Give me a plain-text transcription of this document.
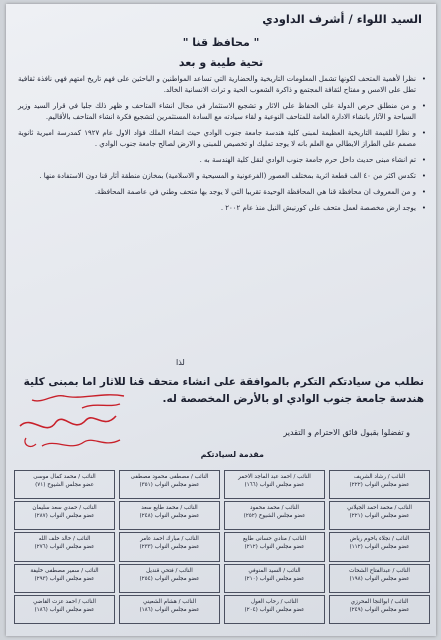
السيد اللواء / أشرف الداودي
" محافظ قنا "
تحية طيبة و بعد

• نظرا لأهمية المتحف لكونها تشمل المعلومات التاريخية والحضارية التي تساعد المواطنين و الباحثين على فهم تاريخ امتهم فهي نافذة ثقافية تطل على الامس و مفتاح لثقافة المجتمع و ذاكرة الشعوب الحية و تراث الانسانية الخالد.

• و من منطلق حرص الدولة على الحفاظ على الاثار و تشجيع الاستثمار في مجال انشاء المتاحف و ظهر ذلك جليا في قرار السيد وزير السياحة و الآثار بانشاء الادارة العامة للمتاحف النوعية و لقاء سيادته مع السادة المستثمرين لتشجيع فكرة انشاء المتاحف بالأقاليم.

• و نظرا للقيمة التاريخية العظيمة لمبنى كلية هندسة جامعة جنوب الوادي حيث انشاء الملك فؤاد الاول عام ١٩٢٧ كمدرسة اميرية ثانوية مصمم على الطراز الايطالي مع العلم بانه لا يوجد تمليك او تخصيص للمبنى و الارض لصالح جامعة جنوب الوادي .

• تم انشاء مبنى حديث داخل حرم جامعة جنوب الوادي لنقل كلية الهندسة به .

• تكدس اكثر من ٤٠ الف قطعة اثرية بمختلف العصور (الفرعونية و المسيحية و الاسلامية) بمخازن منطقة أثار قنا دون الاستفادة منها .

• و من المعروف ان محافظة قنا هي المحافظة الوحيدة تقريبا التي لا يوجد بها متحف وطني في عاصمة المحافظة.

• يوجد ارض مخصصة لعمل متحف على كورنيش النيل منذ عام ٢٠٠٢ .

لذا
نطلب من سيادتكم التكرم بالموافقة على انشاء متحف قنا للاثار اما بمبنى كلية هندسة جامعة جنوب الوادي او بالأرض المخصصة له.
و تفضلوا بقبول فائق الاحترام و التقدير
مقدمة لسيادتكم
النائب / رشاد الشريف
عضو مجلس النواب (٢٢٢)
النائب / احمد عبد الماجد الاحمر
عضو مجلس النواب (١٦٦)
النائب / مصطفى محمود مصطفى
عضو مجلس النواب (٣٥١)
النائب / محمد كمال موسى
عضو مجلس الشيوخ (٧١)
النائب / محمد احمد الجيلاني
عضو مجلس النواب (٢٢١)
النائب / محمد محمود
عضو مجلس الشيوخ (٢٥٢)
النائب / محمد طايع سعد
عضو مجلس النواب (٢٤٨)
النائب / حمدي سعد سليمان
عضو مجلس النواب (٢٨٧)
النائب / نجلاء باخوم رياض
عضو مجلس النواب (١١٢)
النائب / منادي حسانى طايع
عضو مجلس النواب (٢١٢)
النائب / مبارك احمد عامر
عضو مجلس النواب (٢٣٣)
النائب / خالد خلف الله
عضو مجلس النواب (٢٧٦)
النائب / عبدالفتاح الشحات
عضو مجلس النواب (١٩٨)
النائب / السيد المنوفي
عضو مجلس النواب (٢١٠)
النائب / فتحي قنديل
عضو مجلس النواب (٢٥٤)
النائب / سمير مصطفى خليفة
عضو مجلس النواب (٢٩٣)
النائب / ابوالنجا المحرزي
عضو مجلس النواب (٢٤٩)
النائب / رحاب الغول
عضو مجلس النواب (٢٠٤)
النائب / هشام الشعيني
عضو مجلس النواب (١٨٦)
النائب / احمد عزت القاضي
عضو مجلس النواب (١٨٦)
